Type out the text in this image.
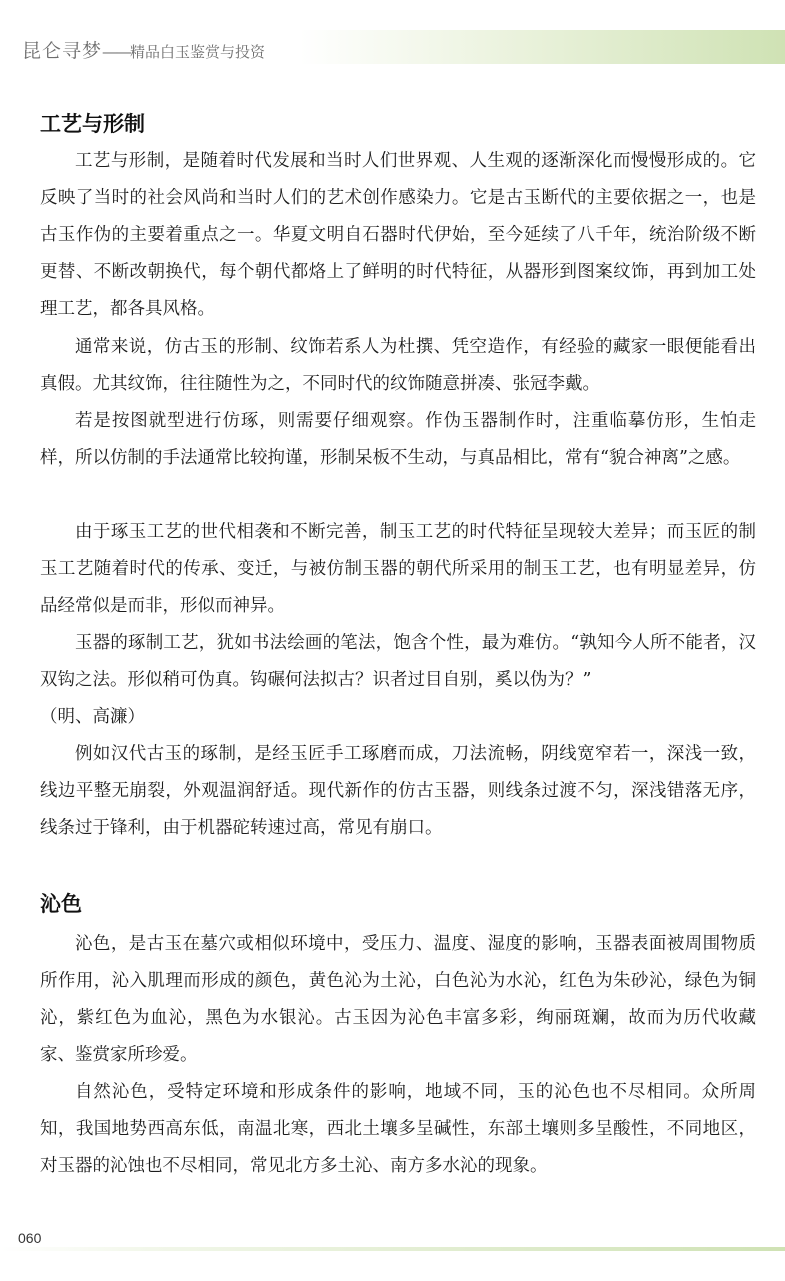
昆仑寻梦——精品白玉鉴赏与投资
工艺与形制

工艺与形制，是随着时代发展和当时人们世界观、人生观的逐渐深化而慢慢形成的。它反映了当时的社会风尚和当时人们的艺术创作感染力。它是古玉断代的主要依据之一，也是古玉作伪的主要着重点之一。华夏文明自石器时代伊始，至今延续了八千年，统治阶级不断更替、不断改朝换代，每个朝代都烙上了鲜明的时代特征，从器形到图案纹饰，再到加工处理工艺，都各具风格。

通常来说，仿古玉的形制、纹饰若系人为杜撰、凭空造作，有经验的藏家一眼便能看出真假。尤其纹饰，往往随性为之，不同时代的纹饰随意拼凑、张冠李戴。

若是按图就型进行仿琢，则需要仔细观察。作伪玉器制作时，注重临摹仿形，生怕走样，所以仿制的手法通常比较拘谨，形制呆板不生动，与真品相比，常有“貌合神离”之感。

由于琢玉工艺的世代相袭和不断完善，制玉工艺的时代特征呈现较大差异；而玉匠的制玉工艺随着时代的传承、变迁，与被仿制玉器的朝代所采用的制玉工艺，也有明显差异，仿品经常似是而非，形似而神异。

玉器的琢制工艺，犹如书法绘画的笔法，饱含个性，最为难仿。“孰知今人所不能者，汉双钩之法。形似稍可伪真。钩碾何法拟古？识者过目自别，奚以伪为？”

（明、高濂）

例如汉代古玉的琢制，是经玉匠手工琢磨而成，刀法流畅，阴线宽窄若一，深浅一致，线边平整无崩裂，外观温润舒适。现代新作的仿古玉器，则线条过渡不匀，深浅错落无序，线条过于锋利，由于机器砣转速过高，常见有崩口。

沁色

沁色，是古玉在墓穴或相似环境中，受压力、温度、湿度的影响，玉器表面被周围物质所作用，沁入肌理而形成的颜色，黄色沁为土沁，白色沁为水沁，红色为朱砂沁，绿色为铜沁，紫红色为血沁，黑色为水银沁。古玉因为沁色丰富多彩，绚丽斑斓，故而为历代收藏家、鉴赏家所珍爱。

自然沁色，受特定环境和形成条件的影响，地域不同，玉的沁色也不尽相同。众所周知，我国地势西高东低，南温北寒，西北土壤多呈碱性，东部土壤则多呈酸性，不同地区，对玉器的沁蚀也不尽相同，常见北方多土沁、南方多水沁的现象。

060
